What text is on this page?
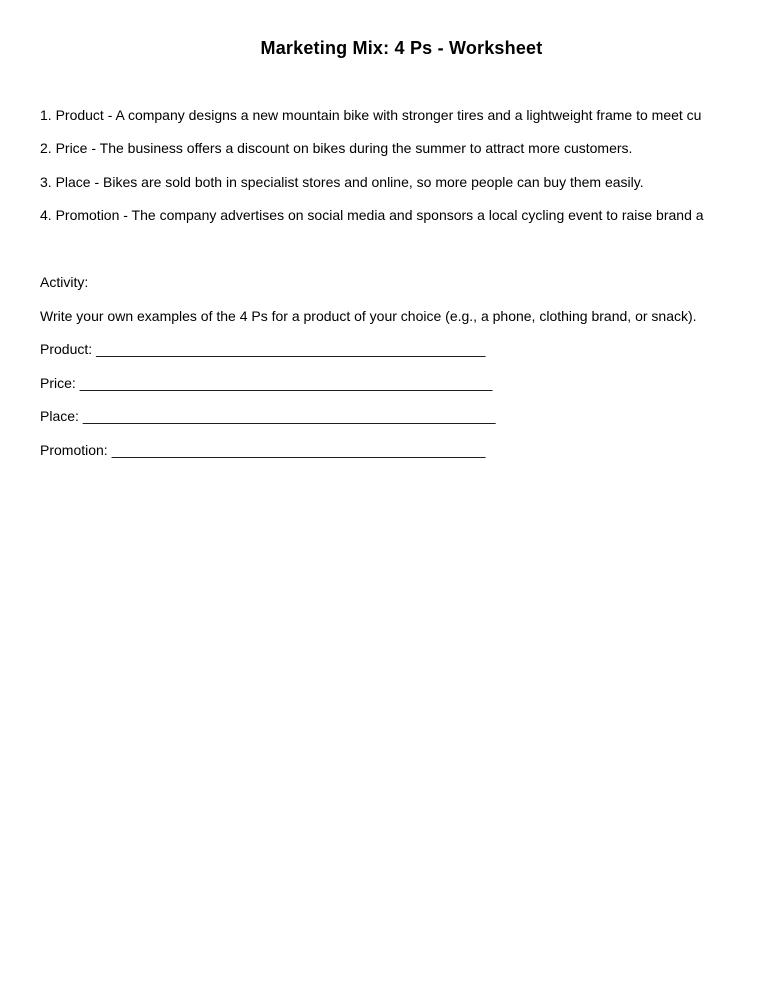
Marketing Mix: 4 Ps - Worksheet
1. Product - A company designs a new mountain bike with stronger tires and a lightweight frame to meet cu
2. Price - The business offers a discount on bikes during the summer to attract more customers.
3. Place - Bikes are sold both in specialist stores and online, so more people can buy them easily.
4. Promotion - The company advertises on social media and sponsors a local cycling event to raise brand a
Activity:
Write your own examples of the 4 Ps for a product of your choice (e.g., a phone, clothing brand, or snack).
Product: __________________________________________________
Price: _____________________________________________________
Place: _____________________________________________________
Promotion: ________________________________________________
